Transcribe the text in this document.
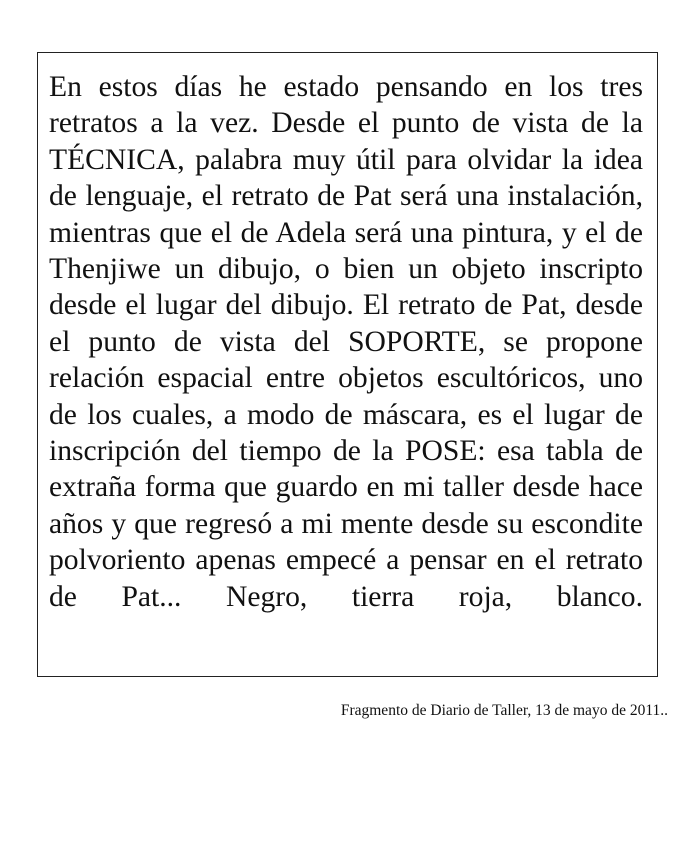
En estos días he estado pensando en los tres retratos a la vez. Desde el punto de vista de la TÉCNICA, palabra muy útil para olvidar la idea de lenguaje, el retrato de Pat será una instalación, mientras que el de Adela será una pintura, y el de Thenjiwe un dibujo, o bien un objeto inscripto desde el lugar del dibujo. El retrato de Pat, desde el punto de vista del SOPORTE, se propone relación espacial entre objetos escultóricos, uno de los cuales, a modo de máscara, es el lugar de inscripción del tiempo de la POSE: esa tabla de extraña forma que guardo en mi taller desde hace años y que regresó a mi mente desde su escondite polvoriento apenas empecé a pensar en el retrato de Pat... Negro, tierra roja, blanco.

Fragmento de Diario de Taller, 13 de mayo de 2011..
